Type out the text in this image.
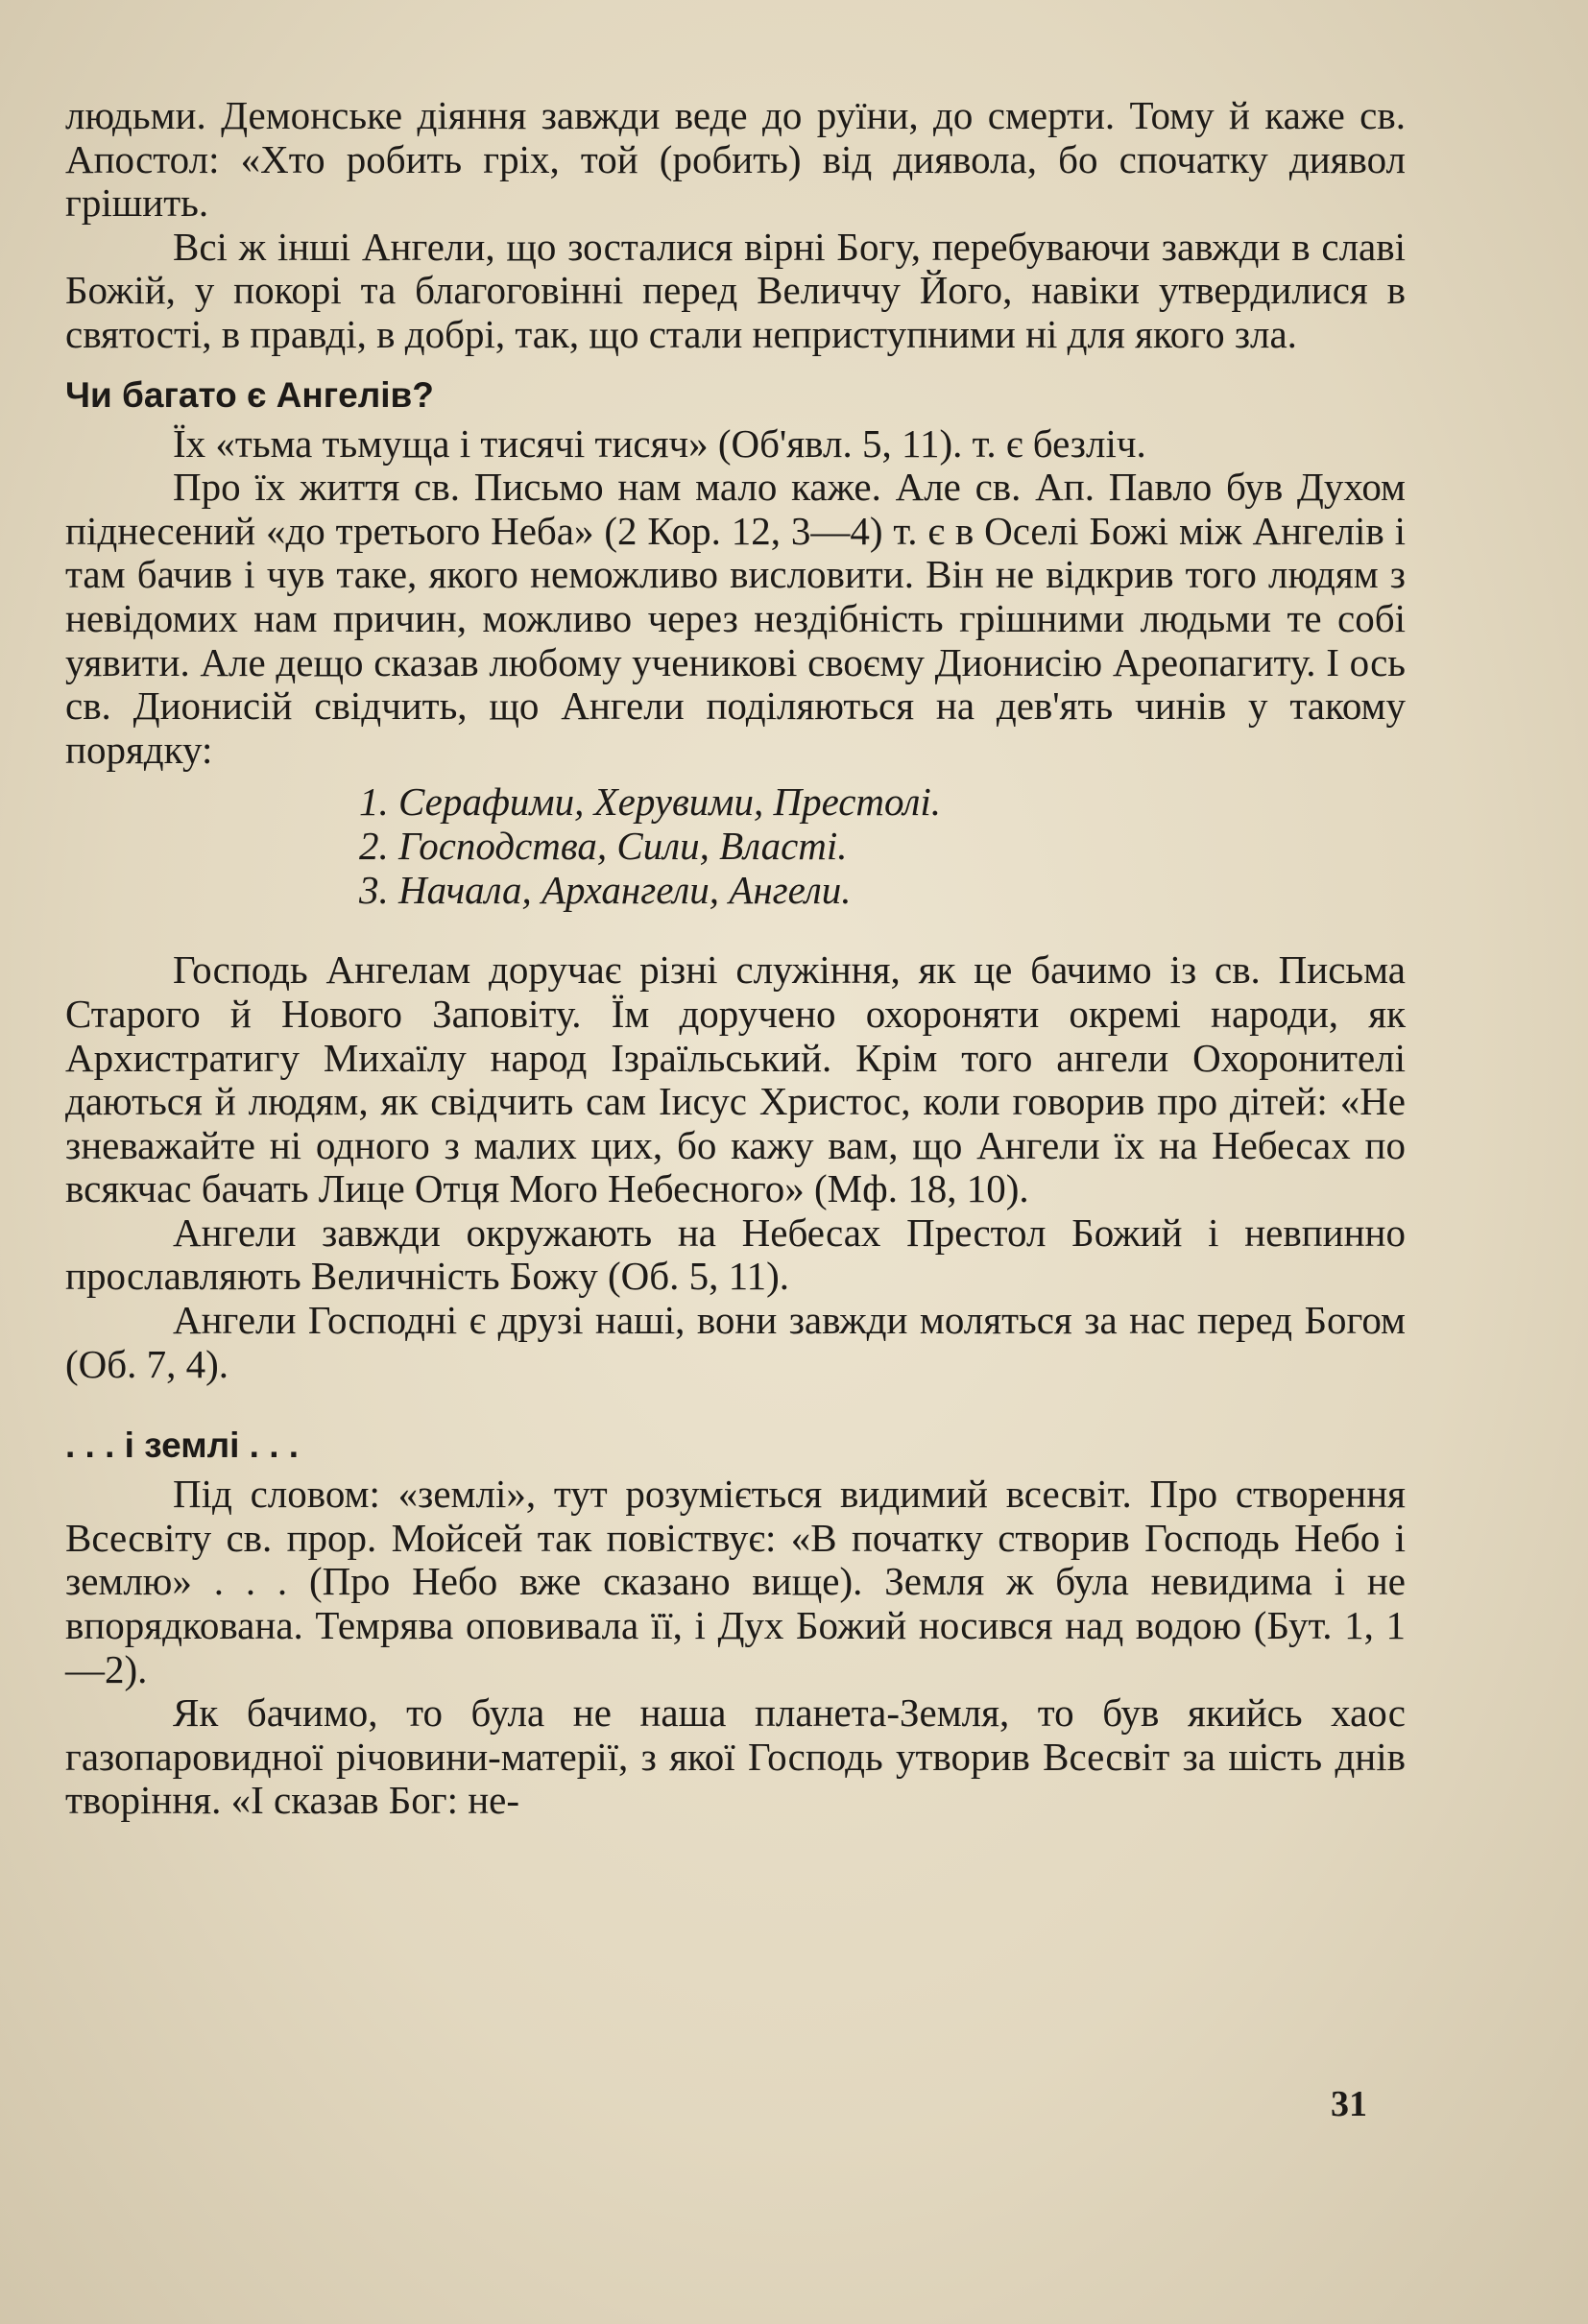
людьми. Демонське діяння завжди веде до руїни, до смерти. Тому й каже св. Апостол: «Хто робить гріх, той (робить) від диявола, бо спочатку диявол грішить.

Всі ж інші Ангели, що зосталися вірні Богу, перебуваючи завжди в славі Божій, у покорі та благоговінні перед Величчу Його, навіки утвердилися в святості, в правді, в добрі, так, що стали неприступними ні для якого зла.

Чи багато є Ангелів?

Їх «тьма тьмуща і тисячі тисяч» (Об'явл. 5, 11). т. є безліч.

Про їх життя св. Письмо нам мало каже. Але св. Ап. Павло був Духом піднесений «до третього Неба» (2 Кор. 12, 3—4) т. є в Оселі Божі між Ангелів і там бачив і чув таке, якого неможливо висловити. Він не відкрив того людям з невідомих нам причин, можливо через нездібність грішними людьми те собі уявити. Але дещо сказав любому ученикові своєму Дионисію Ареопагиту. І ось св. Дионисій свідчить, що Ангели поділяються на дев'ять чинів у такому порядку:

1. Серафими, Херувими, Престолі.
2. Господства, Сили, Власті.
3. Начала, Архангели, Ангели.

Господь Ангелам доручає різні служіння, як це бачимо із св. Письма Старого й Нового Заповіту. Їм доручено охороняти окремі народи, як Архистратигу Михаїлу народ Ізраїльський. Крім того ангели Охоронителі даються й людям, як свідчить сам Іисус Христос, коли говорив про дітей: «Не зневажайте ні одного з малих цих, бо кажу вам, що Ангели їх на Небесах по всякчас бачать Лице Отця Мого Небесного» (Мф. 18, 10).

Ангели завжди окружають на Небесах Престол Божий і невпинно прославляють Величність Божу (Об. 5, 11).

Ангели Господні є друзі наші, вони завжди моляться за нас перед Богом (Об. 7, 4).

. . . і землі . . .

Під словом: «землі», тут розуміється видимий всесвіт. Про створення Всесвіту св. прор. Мойсей так повіствує: «В початку створив Господь Небо і землю» . . . (Про Небо вже сказано вище). Земля ж була невидима і не впорядкована. Темрява оповивала її, і Дух Божий носився над водою (Бут. 1, 1—2).

Як бачимо, то була не наша планета-Земля, то був якийсь хаос газопаровидної річовини-матерії, з якої Господь утворив Всесвіт за шість днів творіння. «І сказав Бог: не-

31
